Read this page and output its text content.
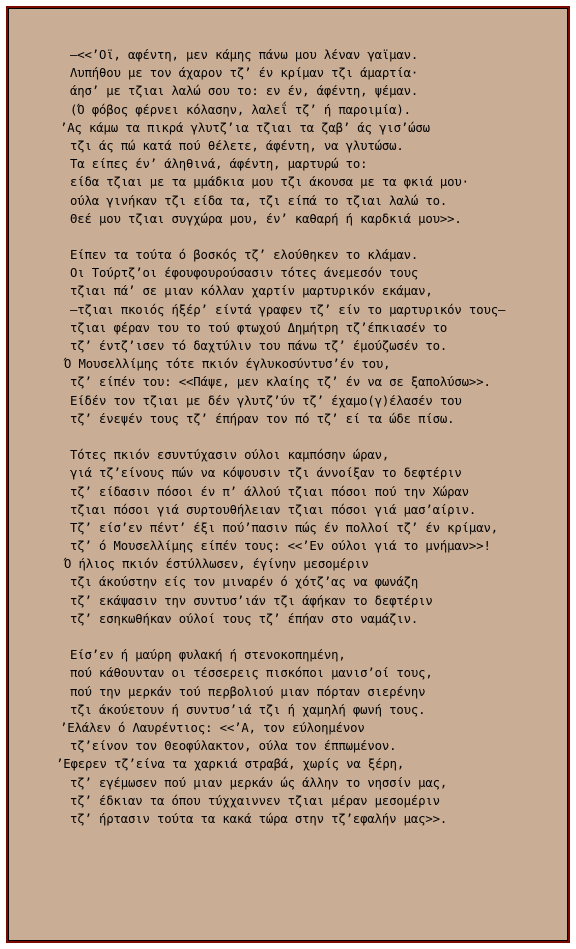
–<<’Οϊ, αφέντη, μεν κάμης πάνω μου λέναν γαϊμαν.
Λυπήθου με τον άχαρον τζ’ έν κρίμαν τζι άμαρτία·
άησ’ με τζιαι λαλώ σου το: εν έν, άφέντη, ψέμαν.
(Ό φόβος φέρνει κόλασην, λαλεΐ τζ’ ή παροιμία).
’Ας κάμω τα πικρά γλυτζ’ια τζιαι τα ζαβ’ άς γισ’ώσω
τζι άς πώ κατά πού θέλετε, άφέντη, να γλυτώσω.
Τα είπες έν’ άληθινά, άφέντη, μαρτυρώ το:
είδα τζιαι με τα μμάδκια μου τζι άκουσα με τα φκιά μου·
ούλα γινήκαν τζι είδα τα, τζι είπά το τζιαι λαλώ το.
Θεέ μου τζιαι συγχώρα μου, έν’ καθαρή ή καρδκιά μου>>.
Είπεν τα τούτα ό βοσκός τζ’ ελούθηκεν το κλάμαν.
Οι Τούρτζ’οι έφουφουρούσασιν τότες άνεμεσόν τους
τζιαι πά’ σε μιαν κόλλαν χαρτίν μαρτυρικόν εκάμαν,
–τζιαι πκοιός ήξέρ’ είντά γραφεν τζ’ είν το μαρτυρικόν τους–
τζιαι φέραν του το τού φτωχού Δημήτρη τζ’έπκιασέν το
τζ’ έντζ’ισεν τό δαχτύλιν του πάνω τζ’ έμούζωσέν το.
Ό Μουσελλίμης τότε πκιόν έγλυκοσύντυσ’έν του,
τζ’ είπέν του: <<Πάψε, μεν κλαίης τζ’ έν να σε ξαπολύσω>>.
Είδέν τον τζιαι με δέν γλυτζ’ύν τζ’ έχαμο(γ)έλασέν του
τζ’ ένεψέν τους τζ’ έπήραν τον πό τζ’ εί τα ώδε πίσω.
Τότες πκιόν εσυντύχασιν ούλοι καμπόσην ώραν,
γιά τζ’είνους πών να κόψουσιν τζι άννοίξαν το δεφτέριν
τζ’ είδασιν πόσοι έν π’ άλλού τζιαι πόσοι πού την Χώραν
τζιαι πόσοι γιά συρτουθήλειαν τζιαι πόσοι γιά μασ’αίριν.
Τζ’ είσ’εν πέντ’ έξι πού’πασιν πώς έν πολλοί τζ’ έν κρίμαν,
τζ’ ό Μουσελλίμης είπέν τους: <<’Εν ούλοι γιά το μνήμαν>>!
Ό ήλιος πκιόν έστύλλωσεν, έγίνην μεσομέριν
τζι άκούστην είς τον μιναρέν ό χότζ’ας να φωνάζη
τζ’ εκάψασιν την συντυσ’ιάν τζι άφήκαν το δεφτέριν
τζ’ εσηκωθήκαν ούλοί τους τζ’ έπήαν στο ναμάζιν.
Είσ’εν ή μαύρη φυλακή ή στενοκοπημένη,
πού κάθουνταν οι τέσσερεις πισκόποι μανισ’οί τους,
πού την μερκάν τού περβολιού μιαν πόρταν σιερένην
τζι άκούετουν ή συντυσ’ιά τζι ή χαμηλή φωνή τους.
’Ελάλεν ό Λαυρέντιος: <<’Α, τον εύλοημένον
τζ’είνον τον Θεοφύλακτον, ούλα τον έππωμένον.
’Εφερεν τζ’είνα τα χαρκιά στραβά, χωρίς να ξέρη,
τζ’ εγέμωσεν πού μιαν μερκάν ώς άλλην το νησσίν μας,
τζ’ έδκιαν τα όπου τύχχαιννεν τζιαι μέραν μεσομέριν
τζ’ ήρτασιν τούτα τα κακά τώρα στην τζ’εφαλήν μας>>.
